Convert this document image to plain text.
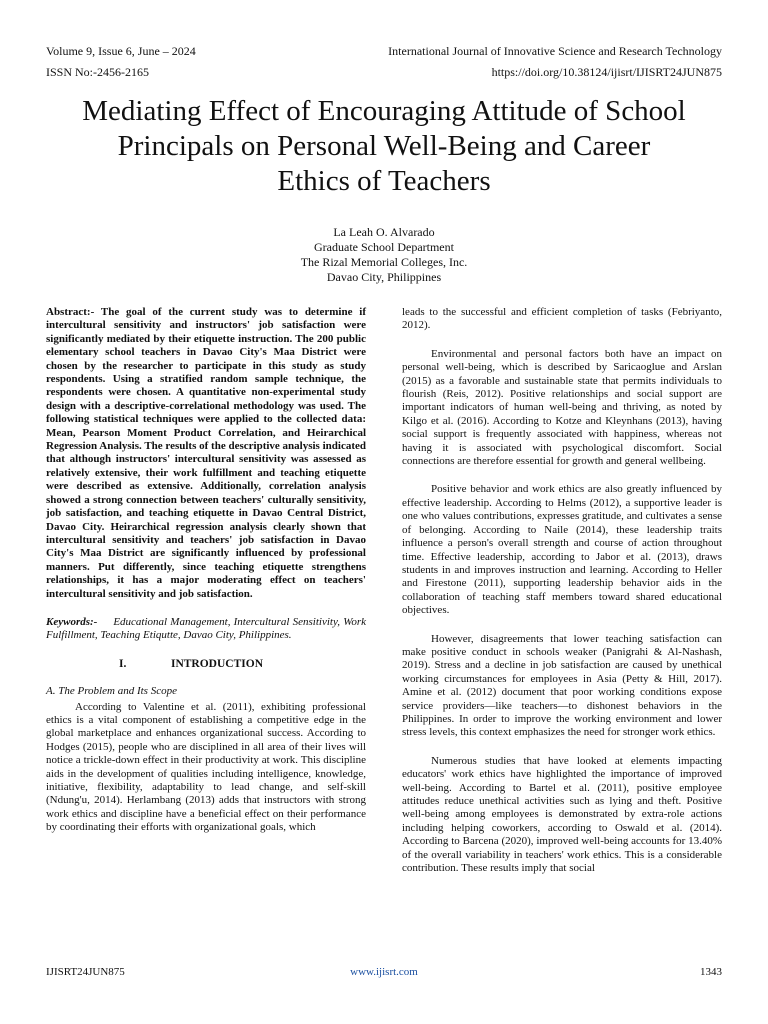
Volume 9, Issue 6, June – 2024	International Journal of Innovative Science and Research Technology
ISSN No:-2456-2165	https://doi.org/10.38124/ijisrt/IJISRT24JUN875
Mediating Effect of Encouraging Attitude of School
Principals on Personal Well-Being and Career
Ethics of Teachers
La Leah O. Alvarado
Graduate School Department
The Rizal Memorial Colleges, Inc.
Davao City, Philippines

Abstract:- The goal of the current study was to determine if intercultural sensitivity and instructors' job satisfaction were significantly mediated by their etiquette instruction. The 200 public elementary school teachers in Davao City's Maa District were chosen by the researcher to participate in this study as study respondents. Using a stratified random sample technique, the respondents were chosen. A quantitative non-experimental study design with a descriptive-correlational methodology was used. The following statistical techniques were applied to the collected data: Mean, Pearson Moment Product Correlation, and Heirarchical Regression Analysis. The results of the descriptive analysis indicated that although instructors' intercultural sensitivity was assessed as relatively extensive, their work fulfillment and teaching etiquette were described as extensive. Additionally, correlation analysis showed a strong connection between teachers' culturally sensitivity, job satisfaction, and teaching etiquette in Davao Central District, Davao City. Heirarchical regression analysis clearly shown that intercultural sensitivity and teachers' job satisfaction in Davao City's Maa District are significantly influenced by professional manners. Put differently, since teaching etiquette strengthens relationships, it has a major moderating effect on teachers' intercultural sensitivity and job satisfaction.

Keywords:- Educational Management, Intercultural Sensitivity, Work Fulfillment, Teaching Etiqutte, Davao City, Philippines.

I.	INTRODUCTION

A. The Problem and Its Scope

According to Valentine et al. (2011), exhibiting professional ethics is a vital component of establishing a competitive edge in the global marketplace and enhances organizational success. According to Hodges (2015), people who are disciplined in all area of their lives will notice a trickle-down effect in their productivity at work. This discipline aids in the development of qualities including intelligence, knowledge, initiative, flexibility, adaptability to lead change, and self-skill (Ndung'u, 2014). Herlambang (2013) adds that instructors with strong work ethics and discipline have a beneficial effect on their performance by coordinating their efforts with organizational goals, which

leads to the successful and efficient completion of tasks (Febriyanto, 2012).

Environmental and personal factors both have an impact on personal well-being, which is described by Saricaoglue and Arslan (2015) as a favorable and sustainable state that permits individuals to flourish (Reis, 2012). Positive relationships and social support are important indicators of human well-being and thriving, as noted by Kilgo et al. (2016). According to Kotze and Kleynhans (2013), having social support is frequently associated with happiness, whereas not having it is associated with psychological discomfort. Social connections are therefore essential for growth and general wellbeing.

Positive behavior and work ethics are also greatly influenced by effective leadership. According to Helms (2012), a supportive leader is one who values contributions, expresses gratitude, and cultivates a sense of belonging. According to Naile (2014), these leadership traits influence a person's overall strength and course of action throughout time. Effective leadership, according to Jabor et al. (2013), draws students in and improves instruction and learning. According to Heller and Firestone (2011), supporting leadership behavior aids in the collaboration of teaching staff members toward shared educational objectives.

However, disagreements that lower teaching satisfaction can make positive conduct in schools weaker (Panigrahi & Al-Nashash, 2019). Stress and a decline in job satisfaction are caused by unethical working circumstances for employees in Asia (Petty & Hill, 2017). Amine et al. (2012) document that poor working conditions expose service providers—like teachers—to dishonest behaviors in the Philippines. In order to improve the working environment and lower stress levels, this context emphasizes the need for stronger work ethics.

Numerous studies that have looked at elements impacting educators' work ethics have highlighted the importance of improved well-being. According to Bartel et al. (2011), positive employee attitudes reduce unethical activities such as lying and theft. Positive well-being among employees is demonstrated by extra-role actions including helping coworkers, according to Oswald et al. (2014). According to Barcena (2020), improved well-being accounts for 13.40% of the overall variability in teachers' work ethics. This is a considerable contribution. These results imply that social

IJISRT24JUN875	www.ijisrt.com	1343
